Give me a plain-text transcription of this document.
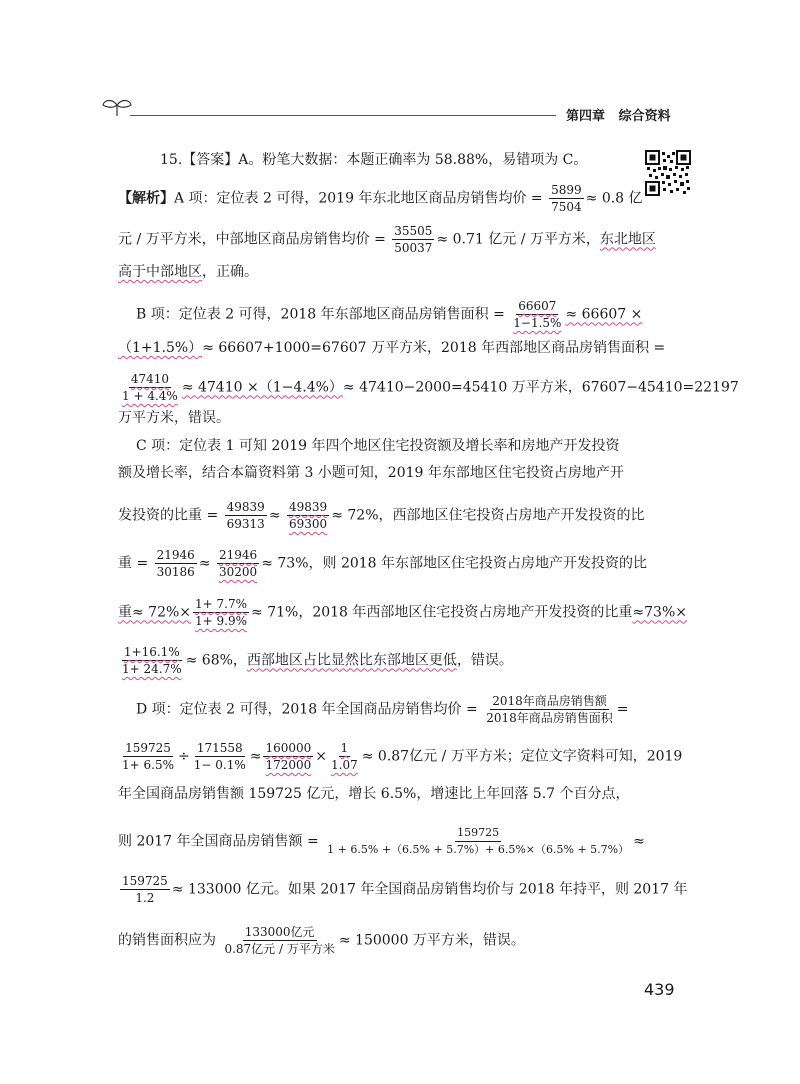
第四章 综合资料
15.【答案】A。粉笔大数据：本题正确率为 58.88%，易错项为 C。
【解析】A 项：定位表 2 可得，2019 年东北地区商品房销售均价 = $\frac{5899}{7504} \approx 0.8$ 亿
元 / 万平方米，中部地区商品房销售均价 = $\frac{35505}{50037} \approx 0.71$ 亿元 / 万平方米，东北地区
高于中部地区，正确。
B 项：定位表 2 可得，2018 年东部地区商品房销售面积 = $\frac{66607}{1-1.5\%} \approx 66607$ ×
（1+1.5%）≈ 66607+1000=67607 万平方米，2018 年西部地区商品房销售面积 =
$\frac{47410}{1 + 4.4\%} \approx 47410 \times(1-4.4\%)\approx 47410-2000=45410$ 万平方米，67607−45410=22197
万平方米，错误。
C 项：定位表 1 可知 2019 年四个地区住宅投资额及增长率和房地产开发投资
额及增长率，结合本篇资料第 3 小题可知，2019 年东部地区住宅投资占房地产开
发投资的比重 = $\frac{49839}{69313} \approx \frac{49839}{69300} \approx 72\%$，西部地区住宅投资占房地产开发投资的比
重 = $\frac{21946}{30186} \approx \frac{21946}{30200} \approx 73\%$，则 2018 年东部地区住宅投资占房地产开发投资的比
重≈ $72\%\times \frac{1+ 7.7\%}{1+ 9.9\%} \approx 71\%$，2018 年西部地区住宅投资占房地产开发投资的比重≈73%×
$\frac{1+16.1\%}{1+ 24.7\%} \approx 68\%$，西部地区占比显然比东部地区更低，错误。
D 项：定位表 2 可得，2018 年全国商品房销售均价 = $\frac{\text{2018年商品房销售额}}{\text{2018年商品房销售面积}}$ =
$\frac{159725}{1+ 6.5\%} \div \frac{171558}{1- 0.1\%} \approx \frac{160000}{172000} \times \frac{1}{1.07} \approx 0.87$亿元 / 万平方米；定位文字资料可知，2019
年全国商品房销售额 159725 亿元，增长 6.5%，增速比上年回落 5.7 个百分点，
则 2017 年全国商品房销售额 = $\frac{159725}{1 + 6.5\% +(6.5\% + 5.7\%)+ 6.5\%\times(6.5\% + 5.7\%)}$ ≈
$\frac{159725}{1.2} \approx 133000$ 亿元。如果 2017 年全国商品房销售均价与 2018 年持平，则 2017 年
的销售面积应为 $\frac{\text{133000亿元}}{\text{0.87亿元 / 万平方米}} \approx 150000$ 万平方米，错误。
439
